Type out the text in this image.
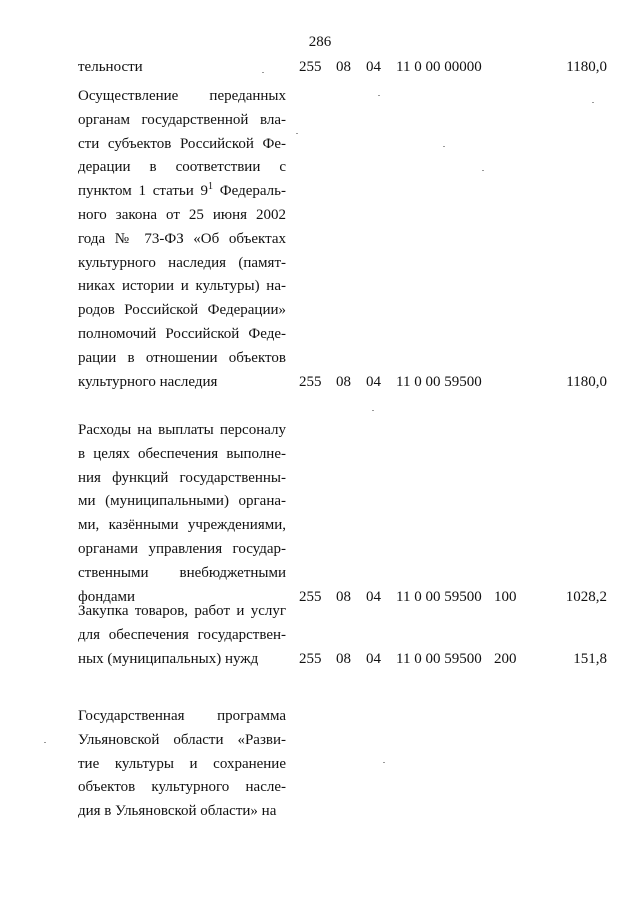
286
тельности	255 08 04 11 0 00 00000	1180,0
Осуществление переданных
органам государственной вла-
сти субъектов Российской Фе-
дерации в соответствии с
пунктом 1 статьи $9^1$ Федераль-
ного закона от 25 июня 2002
года № 73-ФЗ «Об объектах
культурного наследия (памят-
никах истории и культуры) на-
родов Российской Федерации»
полномочий Российской Феде-
рации в отношении объектов
культурного наследия	255 08 04 11 0 00 59500	1180,0
Расходы на выплаты персоналу
в целях обеспечения выполне-
ния функций государственны-
ми (муниципальными) органа-
ми, казёнными учреждениями,
органами управления государ-
ственными внебюджетными
фондами	255 08 04 11 0 00 59500 100	1028,2
Закупка товаров, работ и услуг
для обеспечения государствен-
ных (муниципальных) нужд	255 08 04 11 0 00 59500 200	151,8
Государственная программа
Ульяновской области «Разви-
тие культуры и сохранение
объектов культурного насле-
дия в Ульяновской области» на
